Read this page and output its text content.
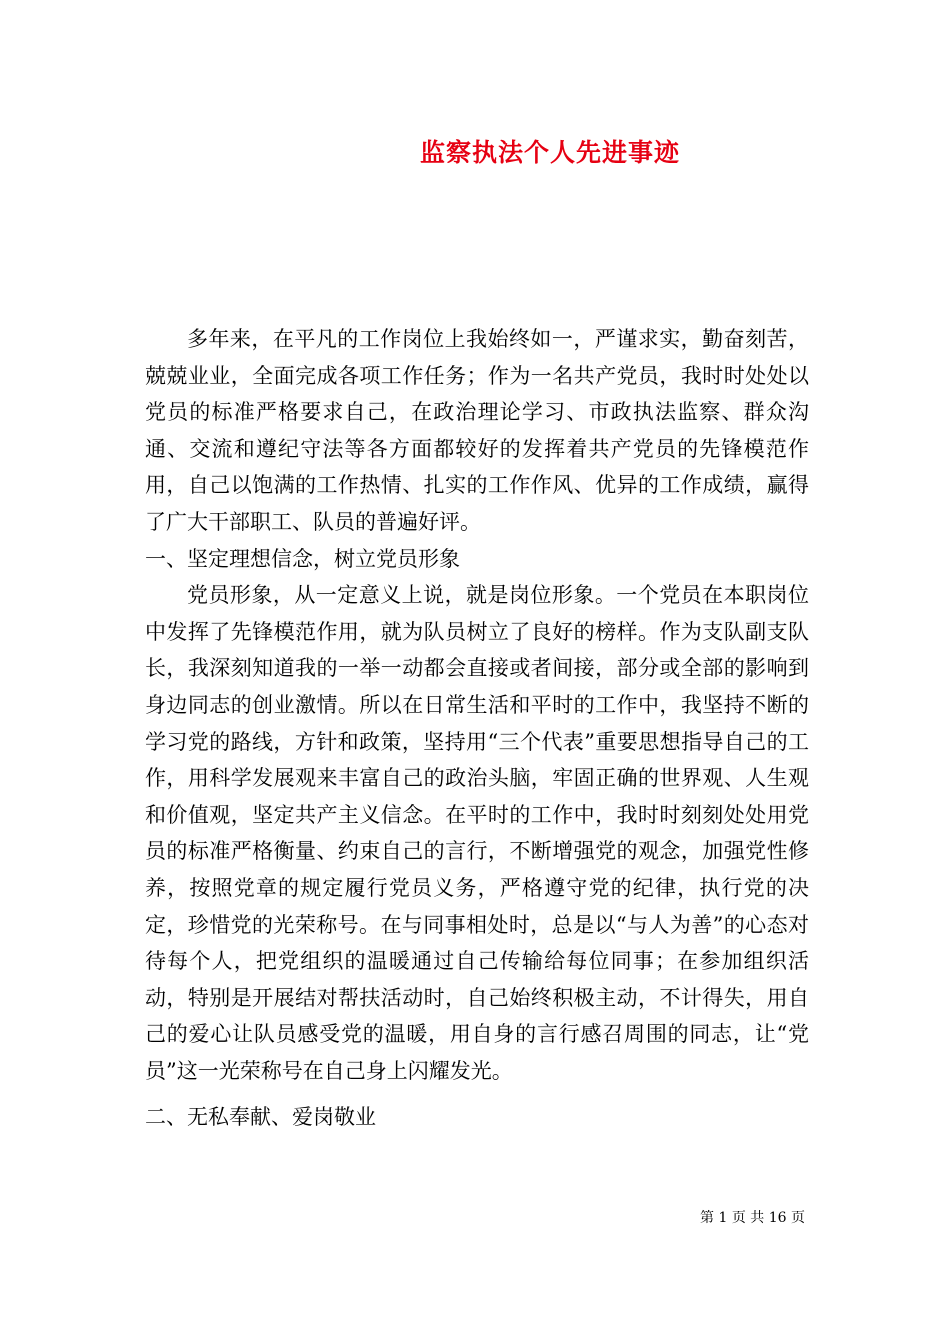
监察执法个人先进事迹

多年来，在平凡的工作岗位上我始终如一，严谨求实，勤奋刻苦，兢兢业业，全面完成各项工作任务；作为一名共产党员，我时时处处以党员的标准严格要求自己，在政治理论学习、市政执法监察、群众沟通、交流和遵纪守法等各方面都较好的发挥着共产党员的先锋模范作用，自己以饱满的工作热情、扎实的工作作风、优异的工作成绩，赢得了广大干部职工、队员的普遍好评。

一、坚定理想信念，树立党员形象

党员形象，从一定意义上说，就是岗位形象。一个党员在本职岗位中发挥了先锋模范作用，就为队员树立了良好的榜样。作为支队副支队长，我深刻知道我的一举一动都会直接或者间接，部分或全部的影响到身边同志的创业激情。所以在日常生活和平时的工作中，我坚持不断的学习党的路线，方针和政策，坚持用“三个代表”重要思想指导自己的工作，用科学发展观来丰富自己的政治头脑，牢固正确的世界观、人生观和价值观，坚定共产主义信念。在平时的工作中，我时时刻刻处处用党员的标准严格衡量、约束自己的言行，不断增强党的观念，加强党性修养，按照党章的规定履行党员义务，严格遵守党的纪律，执行党的决定，珍惜党的光荣称号。在与同事相处时，总是以“与人为善”的心态对待每个人，把党组织的温暖通过自己传输给每位同事；在参加组织活动，特别是开展结对帮扶活动时，自己始终积极主动，不计得失，用自己的爱心让队员感受党的温暖，用自身的言行感召周围的同志，让“党员”这一光荣称号在自己身上闪耀发光。

二、无私奉献、爱岗敬业

第 1 页 共 16 页
